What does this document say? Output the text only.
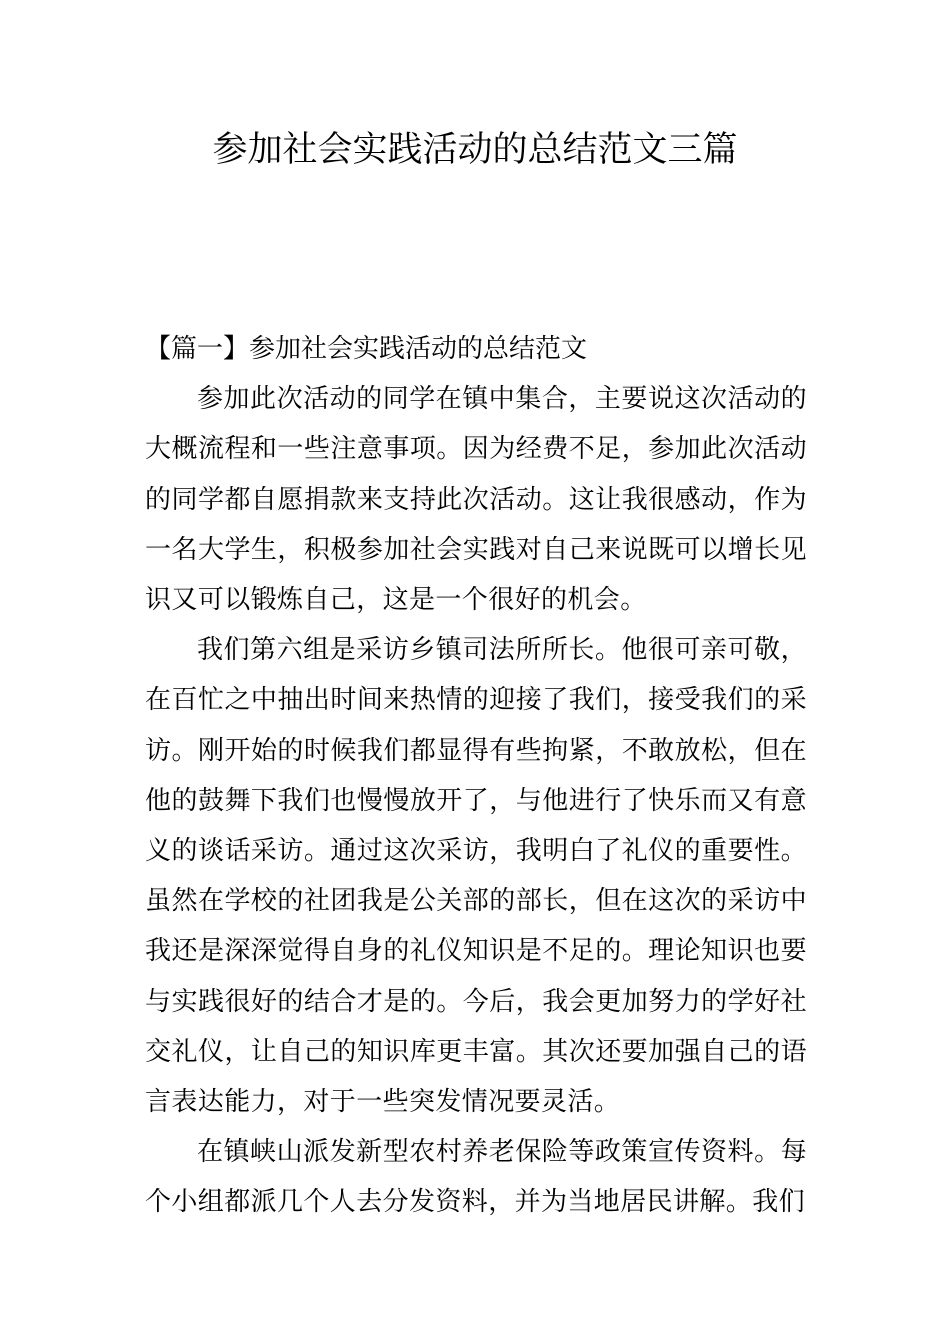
参加社会实践活动的总结范文三篇
【篇一】参加社会实践活动的总结范文

参加此次活动的同学在镇中集合，主要说这次活动的大概流程和一些注意事项。因为经费不足，参加此次活动的同学都自愿捐款来支持此次活动。这让我很感动，作为一名大学生，积极参加社会实践对自己来说既可以增长见识又可以锻炼自己，这是一个很好的机会。

我们第六组是采访乡镇司法所所长。他很可亲可敬，在百忙之中抽出时间来热情的迎接了我们，接受我们的采访。刚开始的时候我们都显得有些拘紧，不敢放松，但在他的鼓舞下我们也慢慢放开了，与他进行了快乐而又有意义的谈话采访。通过这次采访，我明白了礼仪的重要性。虽然在学校的社团我是公关部的部长，但在这次的采访中我还是深深觉得自身的礼仪知识是不足的。理论知识也要与实践很好的结合才是的。今后，我会更加努力的学好社交礼仪，让自己的知识库更丰富。其次还要加强自己的语言表达能力，对于一些突发情况要灵活。

在镇峡山派发新型农村养老保险等政策宣传资料。每个小组都派几个人去分发资料，并为当地居民讲解。我们
